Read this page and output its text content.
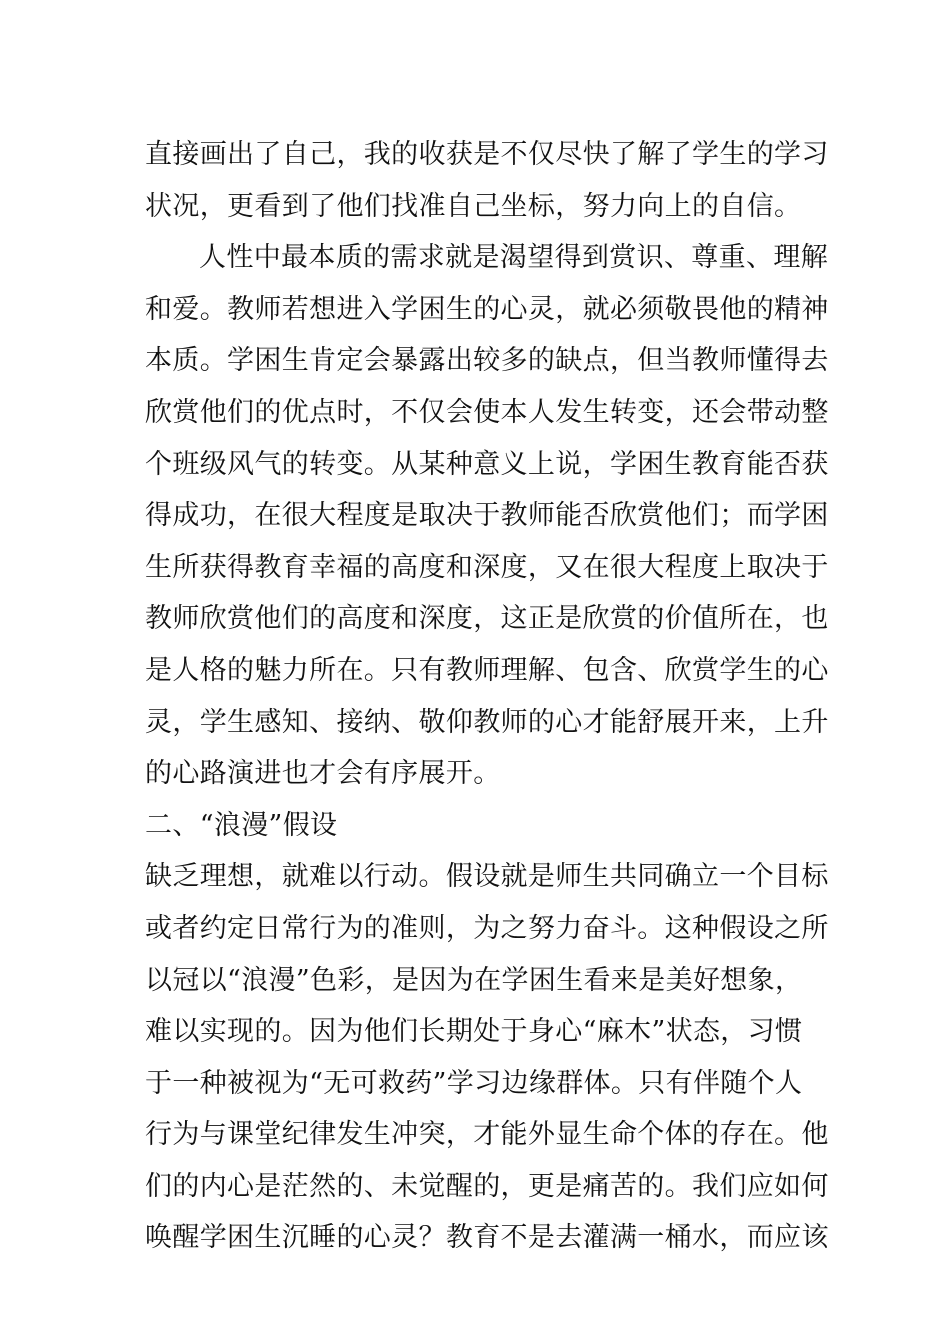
直接画出了自己，我的收获是不仅尽快了解了学生的学习
状况，更看到了他们找准自己坐标，努力向上的自信。
人性中最本质的需求就是渴望得到赏识、尊重、理解
和爱。教师若想进入学困生的心灵，就必须敬畏他的精神
本质。学困生肯定会暴露出较多的缺点，但当教师懂得去
欣赏他们的优点时，不仅会使本人发生转变，还会带动整
个班级风气的转变。从某种意义上说，学困生教育能否获
得成功，在很大程度是取决于教师能否欣赏他们；而学困
生所获得教育幸福的高度和深度，又在很大程度上取决于
教师欣赏他们的高度和深度，这正是欣赏的价值所在，也
是人格的魅力所在。只有教师理解、包含、欣赏学生的心
灵，学生感知、接纳、敬仰教师的心才能舒展开来，上升
的心路演进也才会有序展开。
二、“浪漫”假设
缺乏理想，就难以行动。假设就是师生共同确立一个目标
或者约定日常行为的准则，为之努力奋斗。这种假设之所
以冠以“浪漫”色彩，是因为在学困生看来是美好想象，
难以实现的。因为他们长期处于身心“麻木”状态，习惯
于一种被视为“无可救药”学习边缘群体。只有伴随个人
行为与课堂纪律发生冲突，才能外显生命个体的存在。他
们的内心是茫然的、未觉醒的，更是痛苦的。我们应如何
唤醒学困生沉睡的心灵？教育不是去灌满一桶水，而应该
